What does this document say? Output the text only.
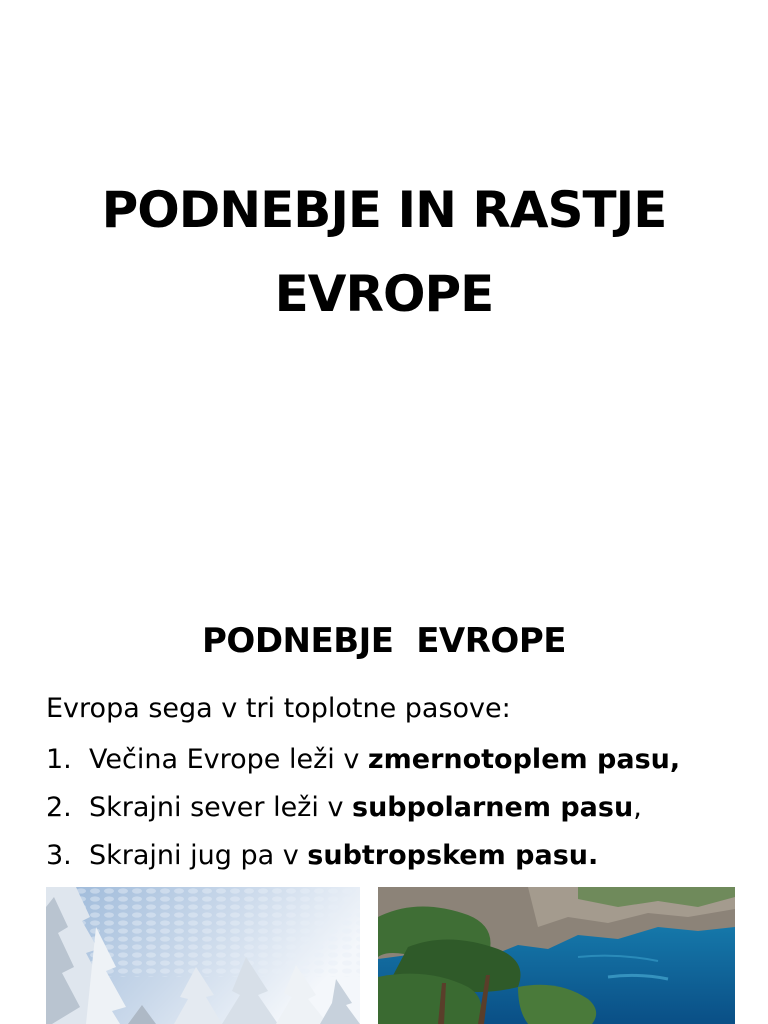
PODNEBJE IN RASTJE
EVROPE
PODNEBJE  EVROPE
Evropa sega v tri toplotne pasove:
1. Večina Evrope leži v zmernotoplem pasu,
2. Skrajni sever leži v subpolarnem pasu,
3. Skrajni jug pa v subtropskem pasu.
